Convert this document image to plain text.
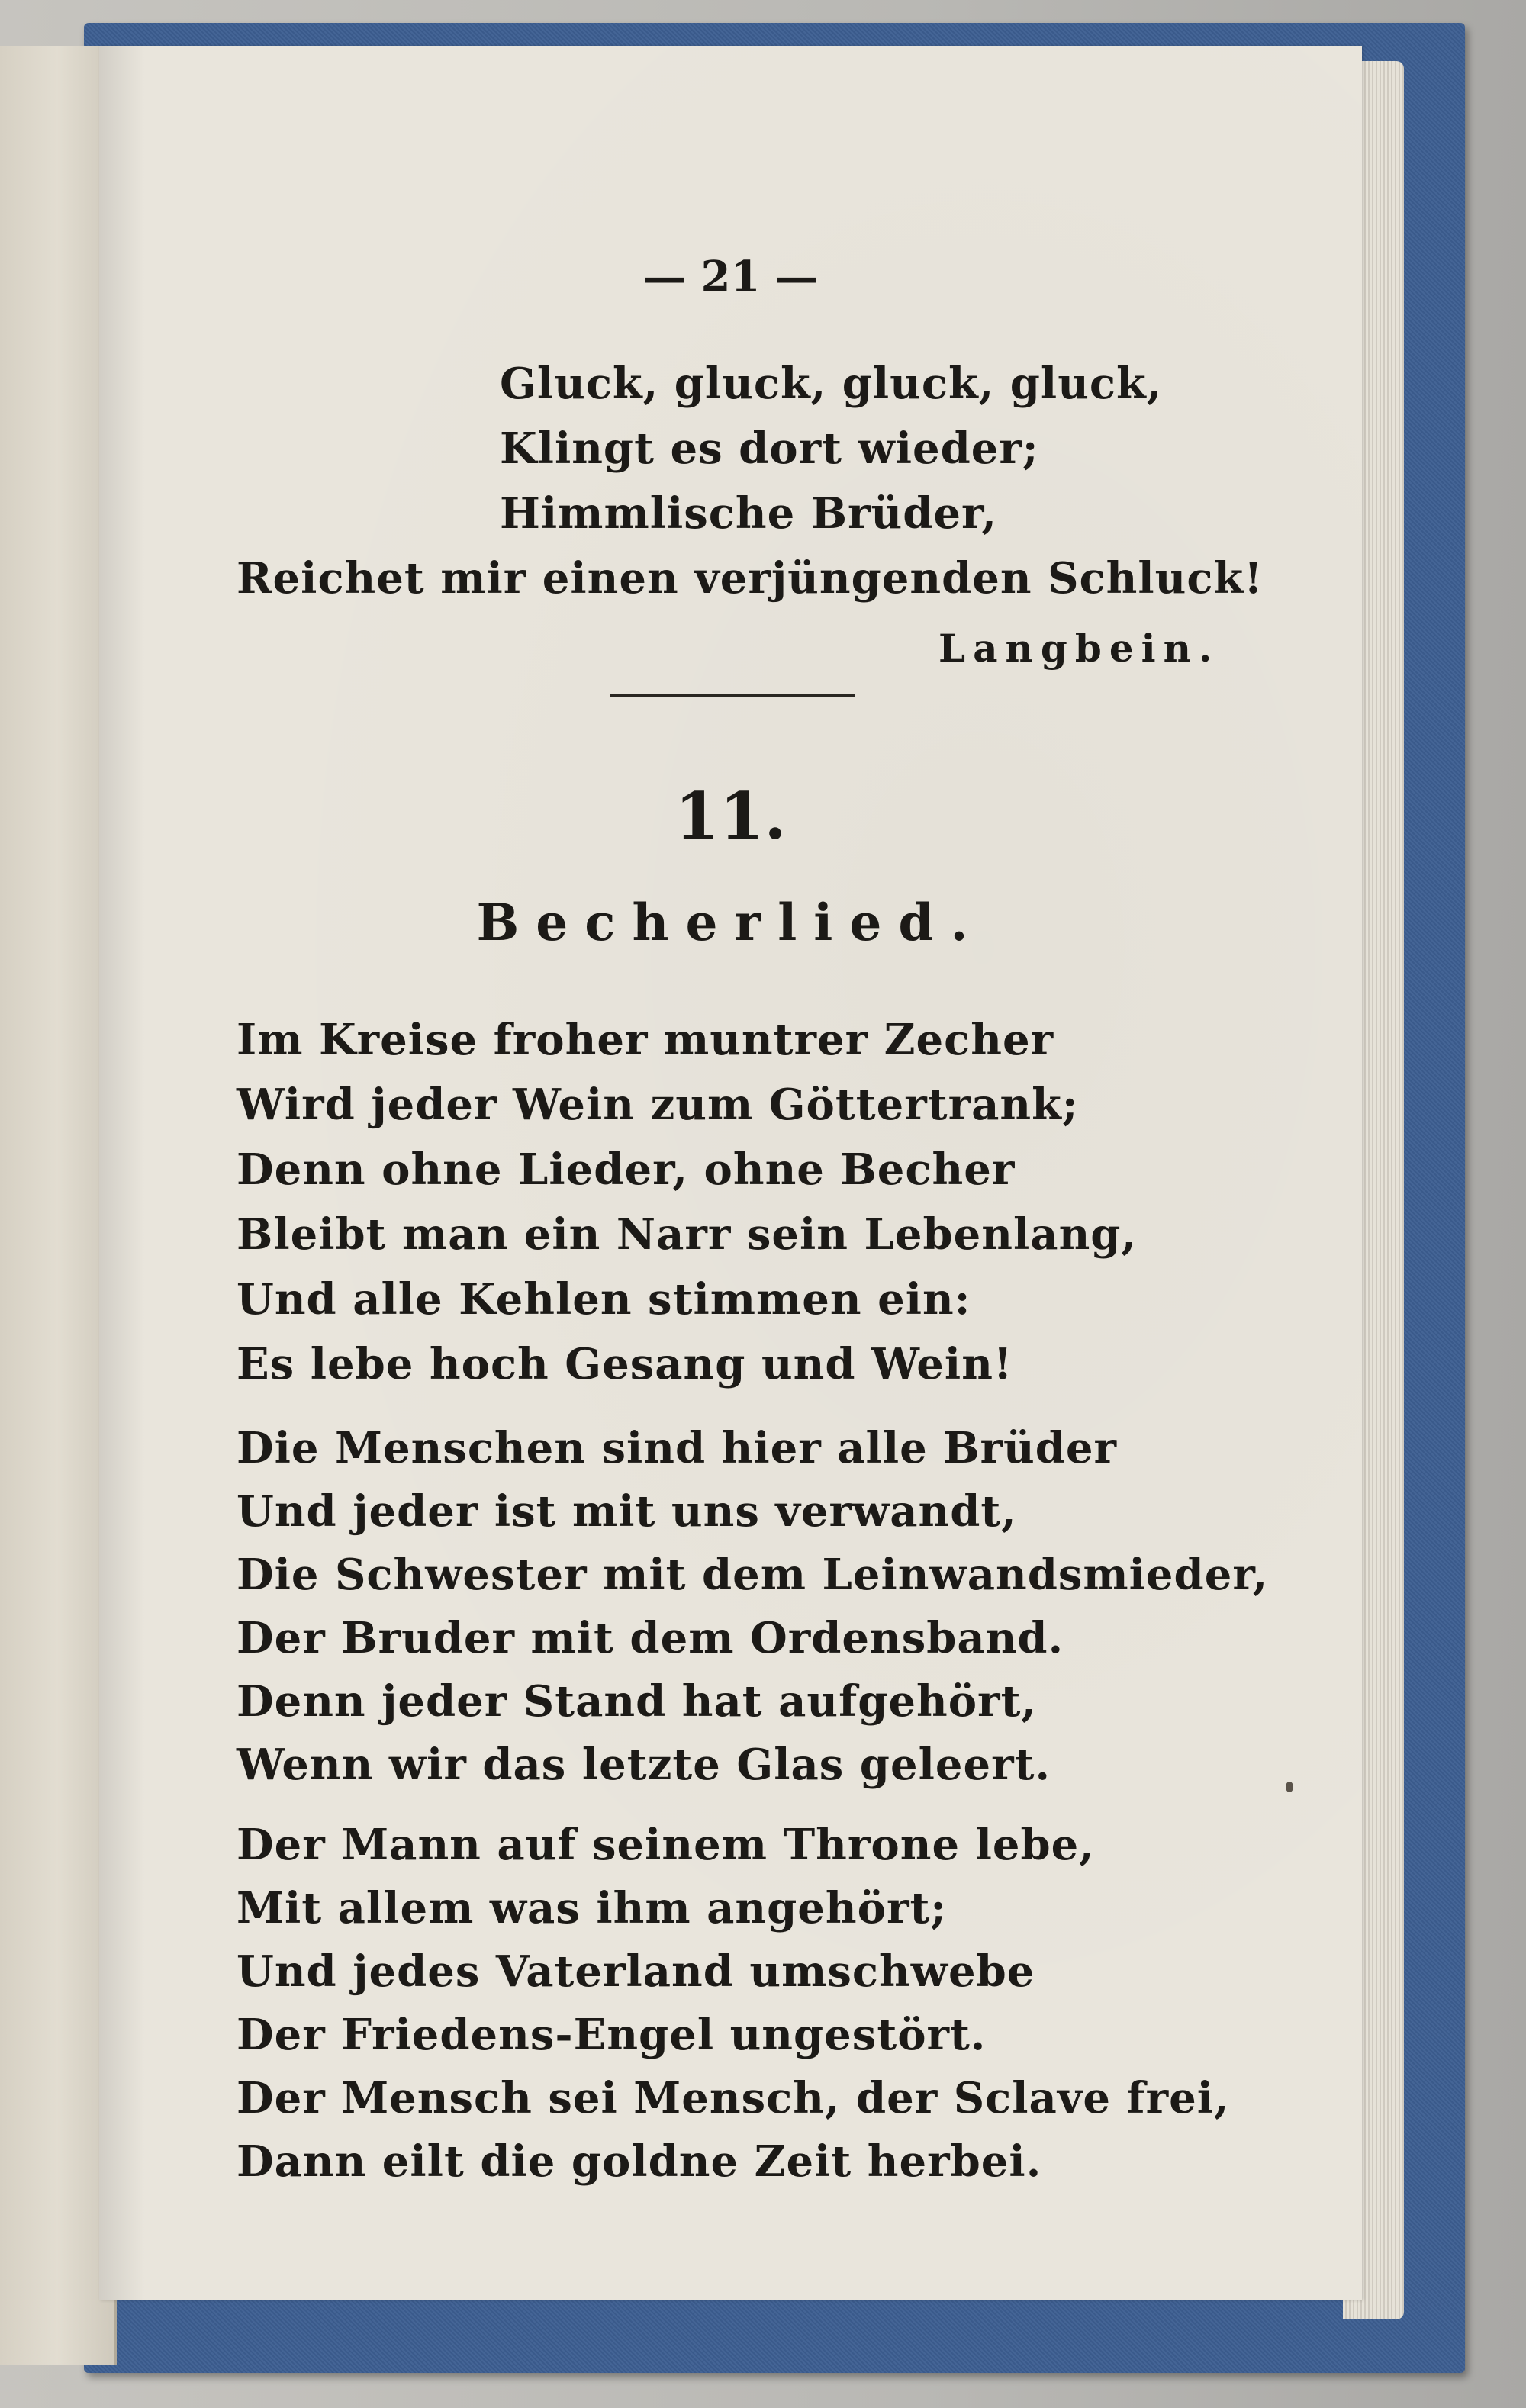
— 21 —
Gluck, gluck, gluck, gluck,
Klingt es dort wieder;
Himmlische Brüder,
Reichet mir einen verjüngenden Schluck!
Langbein.
11.
Becherlied.
Im Kreise froher muntrer Zecher
Wird jeder Wein zum Göttertrank;
Denn ohne Lieder, ohne Becher
Bleibt man ein Narr sein Lebenlang,
Und alle Kehlen stimmen ein:
Es lebe hoch Gesang und Wein!
Die Menschen sind hier alle Brüder
Und jeder ist mit uns verwandt,
Die Schwester mit dem Leinwandsmieder,
Der Bruder mit dem Ordensband.
Denn jeder Stand hat aufgehört,
Wenn wir das letzte Glas geleert.
Der Mann auf seinem Throne lebe,
Mit allem was ihm angehört;
Und jedes Vaterland umschwebe
Der Friedens-Engel ungestört.
Der Mensch sei Mensch, der Sclave frei,
Dann eilt die goldne Zeit herbei.
